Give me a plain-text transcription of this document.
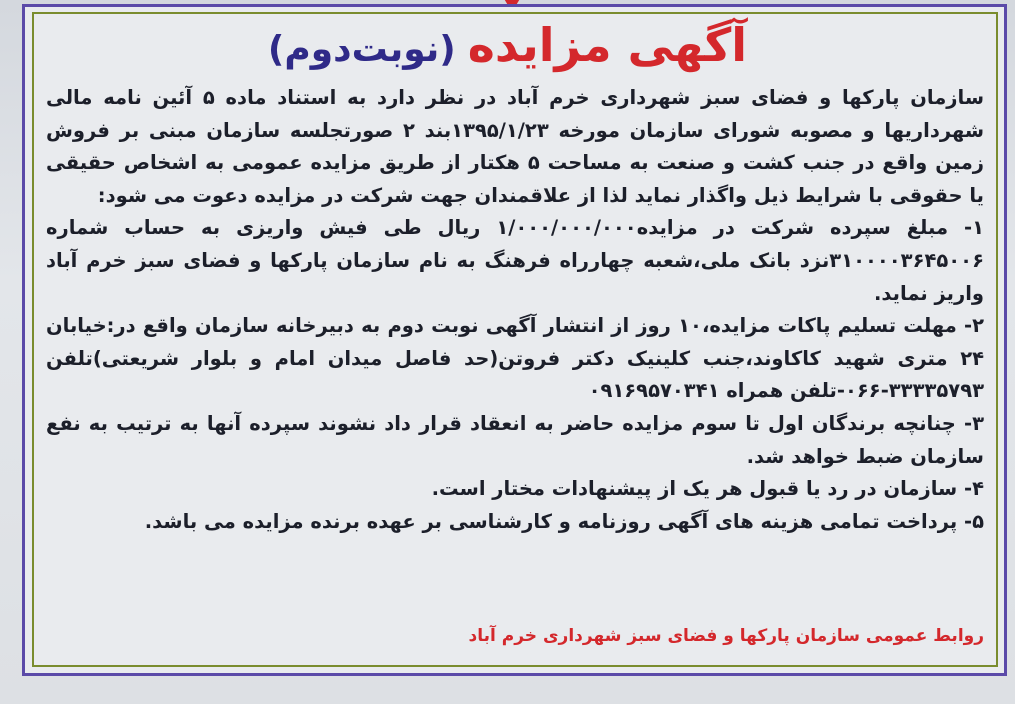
آگهی مزایده(نوبت‌دوم)

سازمان پارکها و فضای سبز شهرداری خرم آباد در نظر دارد به استناد ماده ۵ آئین نامه مالی شهرداریها و مصوبه شورای سازمان مورخه ۱۳۹۵/۱/۲۳بند ۲ صورتجلسه سازمان مبنی بر فروش زمین واقع در جنب کشت و صنعت به مساحت ۵ هکتار از طریق مزایده عمومی به اشخاص حقیقی یا حقوقی با شرایط ذیل واگذار نماید لذا از علاقمندان جهت شرکت در مزایده دعوت می شود:

۱- مبلغ سپرده شرکت در مزایده۱/۰۰۰/۰۰۰/۰۰۰ ریال طی فیش واریزی به حساب شماره ۳۱۰۰۰۰۳۶۴۵۰۰۶نزد بانک ملی،شعبه چهارراه فرهنگ به نام سازمان پارکها و فضای سبز خرم آباد واریز نماید.

۲- مهلت تسلیم پاکات مزایده،۱۰ روز از انتشار آگهی نوبت دوم به دبیرخانه سازمان واقع در:خیابان ۲۴ متری شهید کاکاوند،جنب کلینیک دکتر فروتن(حد فاصل میدان امام و بلوار شریعتی)تلفن ۳۳۳۳۵۷۹۳-۰۶۶-تلفن همراه ۰۹۱۶۹۵۷۰۳۴۱

۳- چنانچه برندگان اول تا سوم مزایده حاضر به انعقاد قرار داد نشوند سپرده آنها به ترتیب به نفع سازمان ضبط خواهد شد.

۴- سازمان در رد یا قبول هر یک از پیشنهادات مختار است.

۵- پرداخت تمامی هزینه های آگهی روزنامه و کارشناسی بر عهده برنده مزایده می باشد.

روابط عمومی سازمان پارکها و فضای سبز شهرداری خرم آباد
